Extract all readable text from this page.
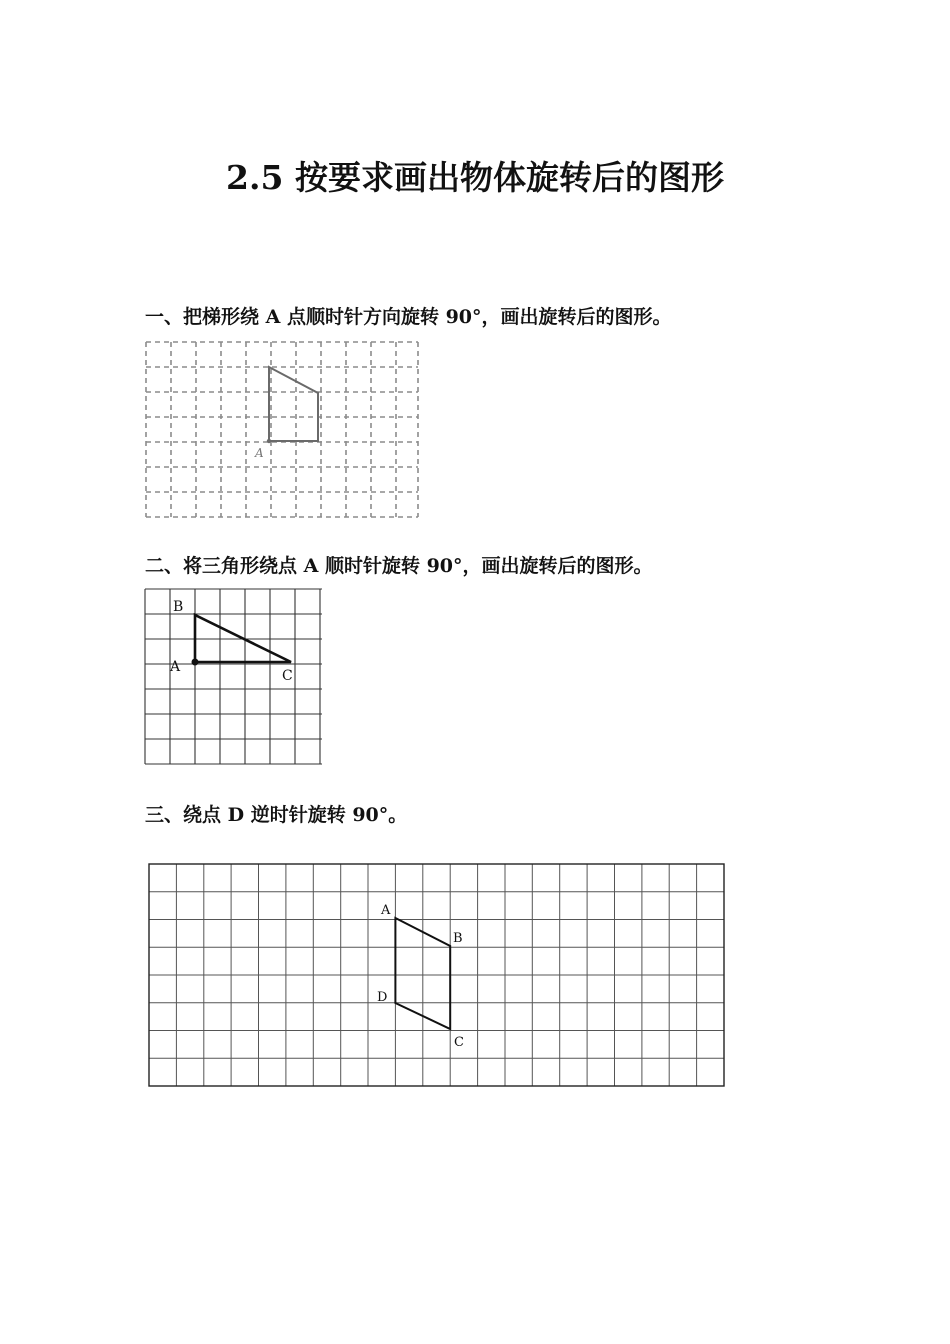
2.5 按要求画出物体旋转后的图形

一、把梯形绕 A 点顺时针方向旋转 90°，画出旋转后的图形。

A

二、将三角形绕点 A 顺时针旋转 90°，画出旋转后的图形。

B
A
C

三、绕点 D 逆时针旋转 90°。

A
B
D
C
